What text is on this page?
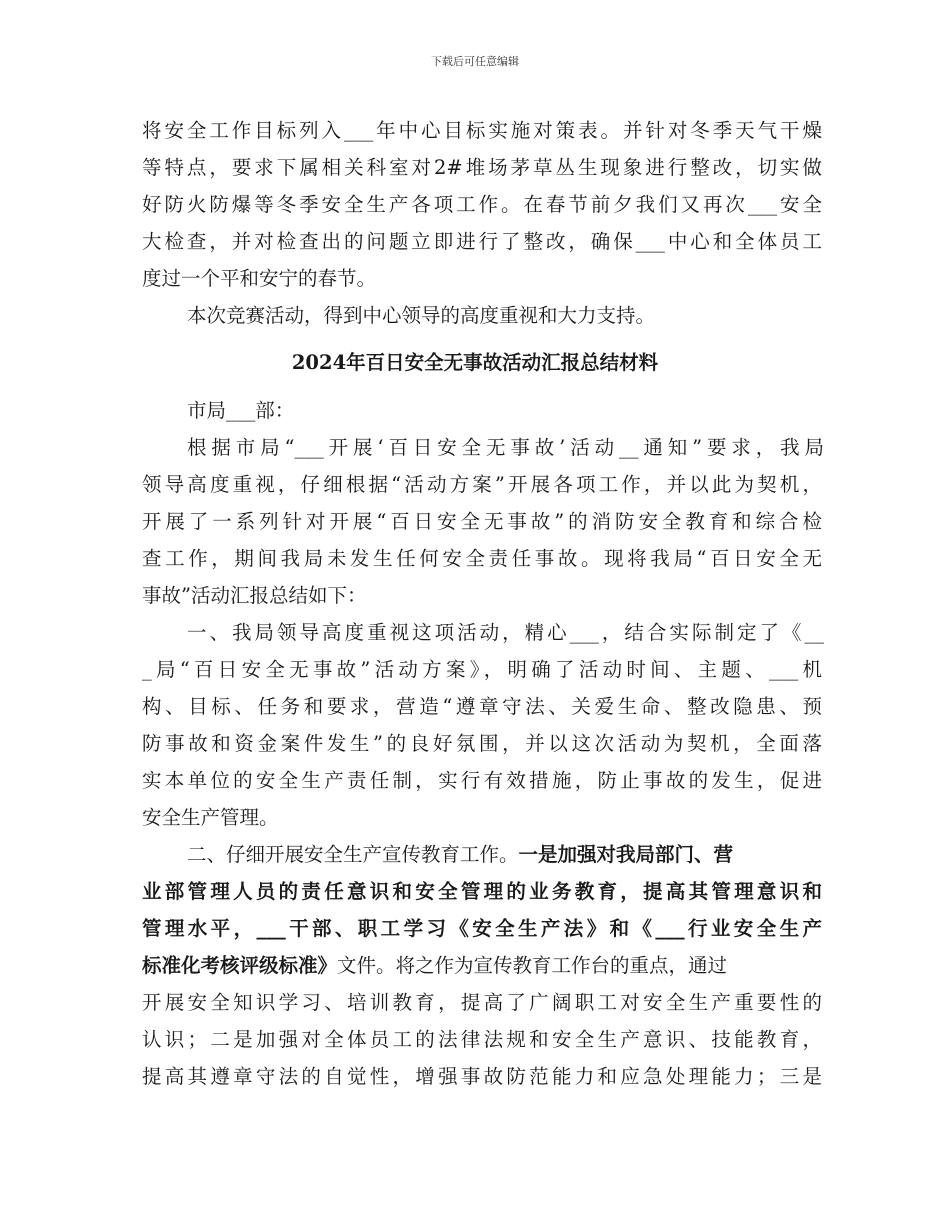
下载后可任意编辑
将安全工作目标列入___年中心目标实施对策表。并针对冬季天气干燥
等特点，要求下属相关科室对2#堆场茅草丛生现象进行整改，切实做
好防火防爆等冬季安全生产各项工作。在春节前夕我们又再次___安全
大检查，并对检查出的问题立即进行了整改，确保___中心和全体员工
度过一个平和安宁的春节。
本次竞赛活动，得到中心领导的高度重视和大力支持。
2024年百日安全无事故活动汇报总结材料
市局___部：
根据市局“___开展‘百日安全无事故’活动__通知”要求，我局
领导高度重视，仔细根据“活动方案”开展各项工作，并以此为契机，
开展了一系列针对开展“百日安全无事故”的消防安全教育和综合检
查工作，期间我局未发生任何安全责任事故。现将我局“百日安全无
事故”活动汇报总结如下：
一、我局领导高度重视这项活动，精心___，结合实际制定了《__
_局“百日安全无事故”活动方案》，明确了活动时间、主题、___机
构、目标、任务和要求，营造“遵章守法、关爱生命、整改隐患、预
防事故和资金案件发生”的良好氛围，并以这次活动为契机，全面落
实本单位的安全生产责任制，实行有效措施，防止事故的发生，促进
安全生产管理。
二、仔细开展安全生产宣传教育工作。一是加强对我局部门、营
业部管理人员的责任意识和安全管理的业务教育，提高其管理意识和
管理水平，___干部、职工学习《安全生产法》和《___行业安全生产
标准化考核评级标准》文件。将之作为宣传教育工作台的重点，通过
开展安全知识学习、培训教育，提高了广阔职工对安全生产重要性的
认识；二是加强对全体员工的法律法规和安全生产意识、技能教育，
提高其遵章守法的自觉性，增强事故防范能力和应急处理能力；三是
